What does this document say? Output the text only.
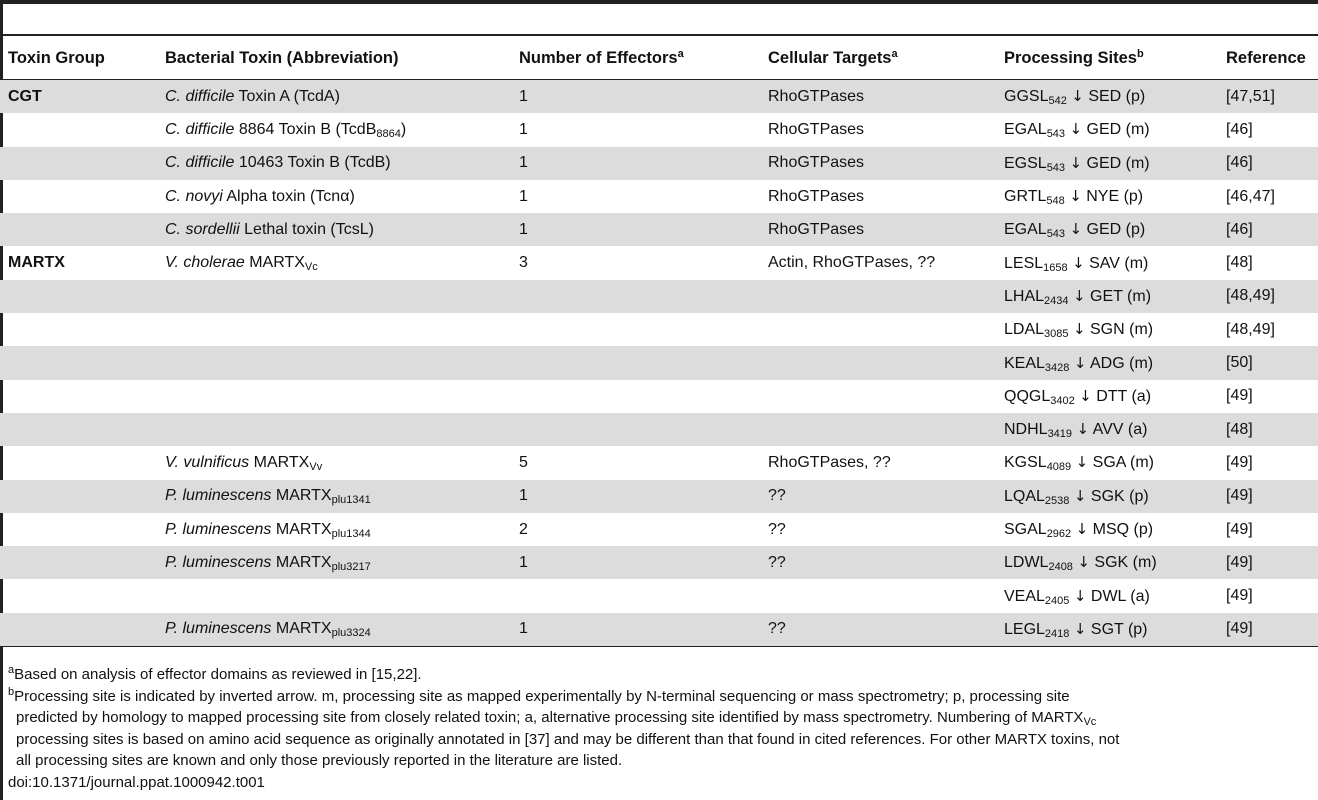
Toxin Group	Bacterial Toxin (Abbreviation)	Number of Effectors$^a$	Cellular Targets$^a$	Processing Sites$^b$	Reference
CGT	C. difficile Toxin A (TcdA)	1	RhoGTPases	$GGSL_{542}$ ↓ SED (p)	[47,51]
	C. difficile 8864 Toxin B (TcdB$_{8864}$)	1	RhoGTPases	$EGAL_{543}$ ↓ GED (m)	[46]
	C. difficile 10463 Toxin B (TcdB)	1	RhoGTPases	$EGSL_{543}$ ↓ GED (m)	[46]
	C. novyi Alpha toxin (Tcnα)	1	RhoGTPases	$GRTL_{548}$ ↓ NYE (p)	[46,47]
	C. sordellii Lethal toxin (TcsL)	1	RhoGTPases	$EGAL_{543}$ ↓ GED (p)	[46]
MARTX	V. cholerae $MARTX_{Vc}$	3	Actin, RhoGTPases, ??	$LESL_{1658}$ ↓ SAV (m)	[48]
				$LHAL_{2434}$ ↓ GET (m)	[48,49]
				$LDAL_{3085}$ ↓ SGN (m)	[48,49]
				$KEAL_{3428}$ ↓ ADG (m)	[50]
				$QQGL_{3402}$ ↓ DTT (a)	[49]
				$NDHL_{3419}$ ↓ AVV (a)	[48]
	V. vulnificus $MARTX_{Vv}$	5	RhoGTPases, ??	$KGSL_{4089}$ ↓ SGA (m)	[49]
	P. luminescens $MARTX_{plu1341}$	1	??	$LQAL_{2538}$ ↓ SGK (p)	[49]
	P. luminescens $MARTX_{plu1344}$	2	??	$SGAL_{2962}$ ↓ MSQ (p)	[49]
	P. luminescens $MARTX_{plu3217}$	1	??	$LDWL_{2408}$ ↓ SGK (m)	[49]
				$VEAL_{2405}$ ↓ DWL (a)	[49]
	P. luminescens $MARTX_{plu3324}$	1	??	$LEGL_{2418}$ ↓ SGT (p)	[49]

$^a$Based on analysis of effector domains as reviewed in [15,22].

$^b$Processing site is indicated by inverted arrow. m, processing site as mapped experimentally by N-terminal sequencing or mass spectrometry; p, processing site
predicted by homology to mapped processing site from closely related toxin; a, alternative processing site identified by mass spectrometry. Numbering of $MARTX_{Vc}$
processing sites is based on amino acid sequence as originally annotated in [37] and may be different than that found in cited references. For other MARTX toxins, not
all processing sites are known and only those previously reported in the literature are listed.

doi:10.1371/journal.ppat.1000942.t001
